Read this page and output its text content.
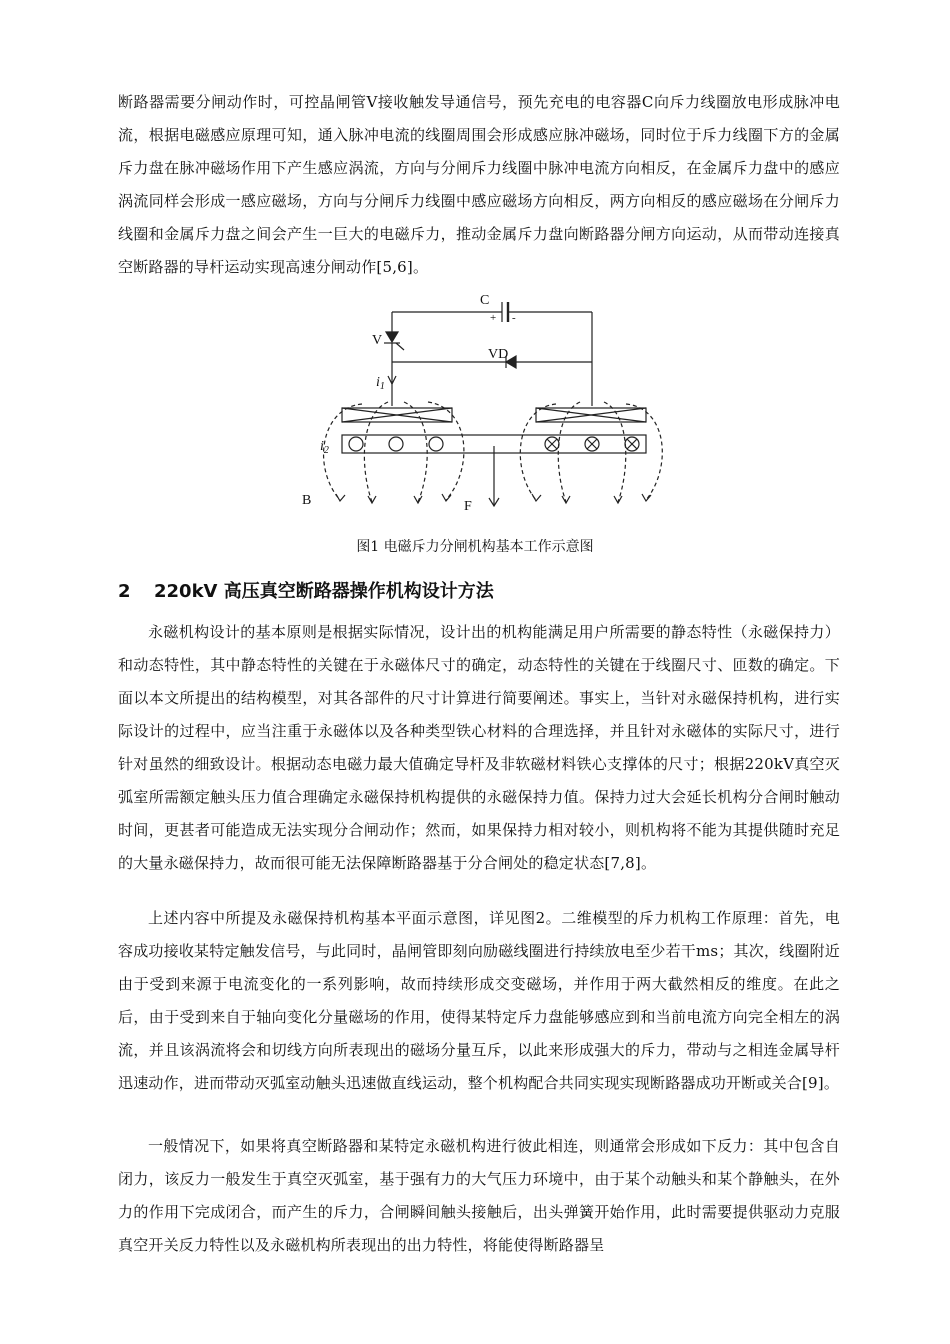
断路器需要分闸动作时，可控晶闸管V接收触发导通信号，预先充电的电容器C向斥力线圈放电形成脉冲电流，根据电磁感应原理可知，通入脉冲电流的线圈周围会形成感应脉冲磁场，同时位于斥力线圈下方的金属斥力盘在脉冲磁场作用下产生感应涡流，方向与分闸斥力线圈中脉冲电流方向相反，在金属斥力盘中的感应涡流同样会形成一感应磁场，方向与分闸斥力线圈中感应磁场方向相反，两方向相反的感应磁场在分闸斥力线圈和金属斥力盘之间会产生一巨大的电磁斥力，推动金属斥力盘向断路器分闸方向运动，从而带动连接真空断路器的导杆运动实现高速分闸动作[5,6]。
C
+ -
V
VD
$i_1$
$i_2$
B	F
图1 电磁斥力分闸机构基本工作示意图
2 220kV 高压真空断路器操作机构设计方法
永磁机构设计的基本原则是根据实际情况，设计出的机构能满足用户所需要的静态特性（永磁保持力）和动态特性，其中静态特性的关键在于永磁体尺寸的确定，动态特性的关键在于线圈尺寸、匝数的确定。下面以本文所提出的结构模型，对其各部件的尺寸计算进行简要阐述。事实上，当针对永磁保持机构，进行实际设计的过程中，应当注重于永磁体以及各种类型铁心材料的合理选择，并且针对永磁体的实际尺寸，进行针对虽然的细致设计。根据动态电磁力最大值确定导杆及非软磁材料铁心支撑体的尺寸；根据220kV真空灭弧室所需额定触头压力值合理确定永磁保持机构提供的永磁保持力值。保持力过大会延长机构分合闸时触动时间，更甚者可能造成无法实现分合闸动作；然而，如果保持力相对较小，则机构将不能为其提供随时充足的大量永磁保持力，故而很可能无法保障断路器基于分合闸处的稳定状态[7,8]。
上述内容中所提及永磁保持机构基本平面示意图，详见图2。二维模型的斥力机构工作原理：首先，电容成功接收某特定触发信号，与此同时，晶闸管即刻向励磁线圈进行持续放电至少若干ms；其次，线圈附近由于受到来源于电流变化的一系列影响，故而持续形成交变磁场，并作用于两大截然相反的维度。在此之后，由于受到来自于轴向变化分量磁场的作用，使得某特定斥力盘能够感应到和当前电流方向完全相左的涡流，并且该涡流将会和切线方向所表现出的磁场分量互斥，以此来形成强大的斥力，带动与之相连金属导杆迅速动作，进而带动灭弧室动触头迅速做直线运动，整个机构配合共同实现实现断路器成功开断或关合[9]。
一般情况下，如果将真空断路器和某特定永磁机构进行彼此相连，则通常会形成如下反力：其中包含自闭力，该反力一般发生于真空灭弧室，基于强有力的大气压力环境中，由于某个动触头和某个静触头，在外力的作用下完成闭合，而产生的斥力，合闸瞬间触头接触后，出头弹簧开始作用，此时需要提供驱动力克服真空开关反力特性以及永磁机构所表现出的出力特性，将能使得断路器呈
